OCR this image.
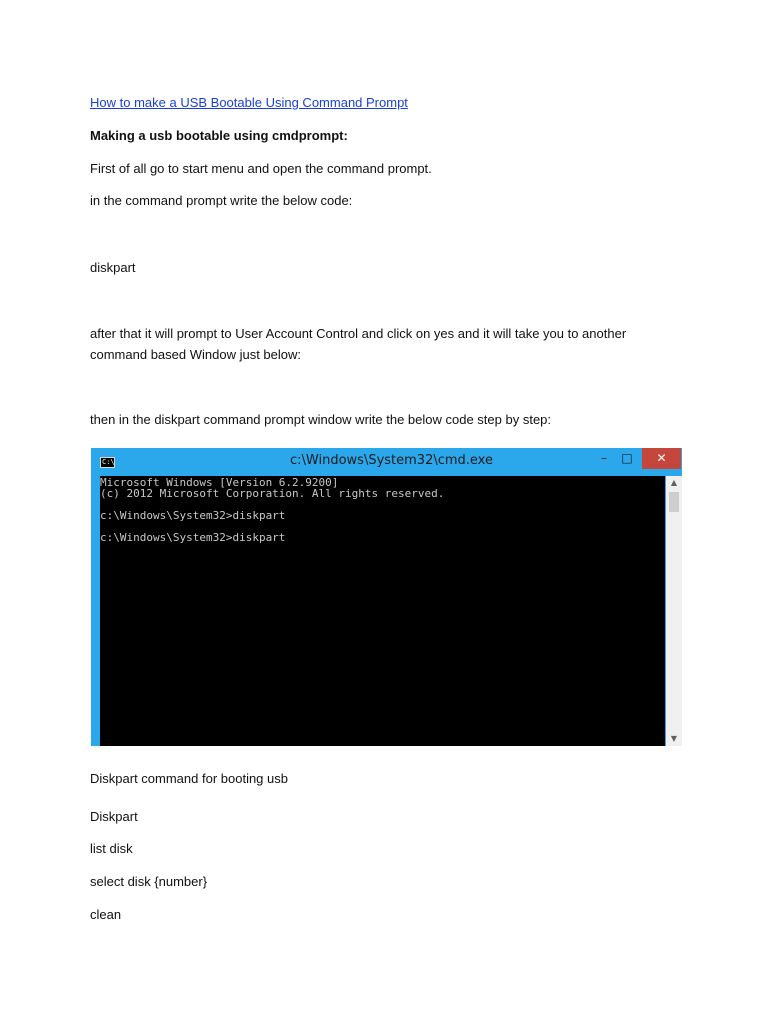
How to make a USB Bootable Using Command Prompt

Making a usb bootable using cmdprompt:

First of all go to start menu and open the command prompt.

in the command prompt write the below code:

diskpart

after that it will prompt to User Account Control and click on yes and it will take you to another

command based Window just below:

then in the diskpart command prompt window write the below code step by step:

C:\	c:\Windows\System32\cmd.exe	–	□	✕

Microsoft Windows [Version 6.2.9200]

(c) 2012 Microsoft Corporation. All rights reserved.

c:\Windows\System32>diskpart

c:\Windows\System32>diskpart

▲
▼

Diskpart command for booting usb

Diskpart

list disk

select disk {number}

clean
